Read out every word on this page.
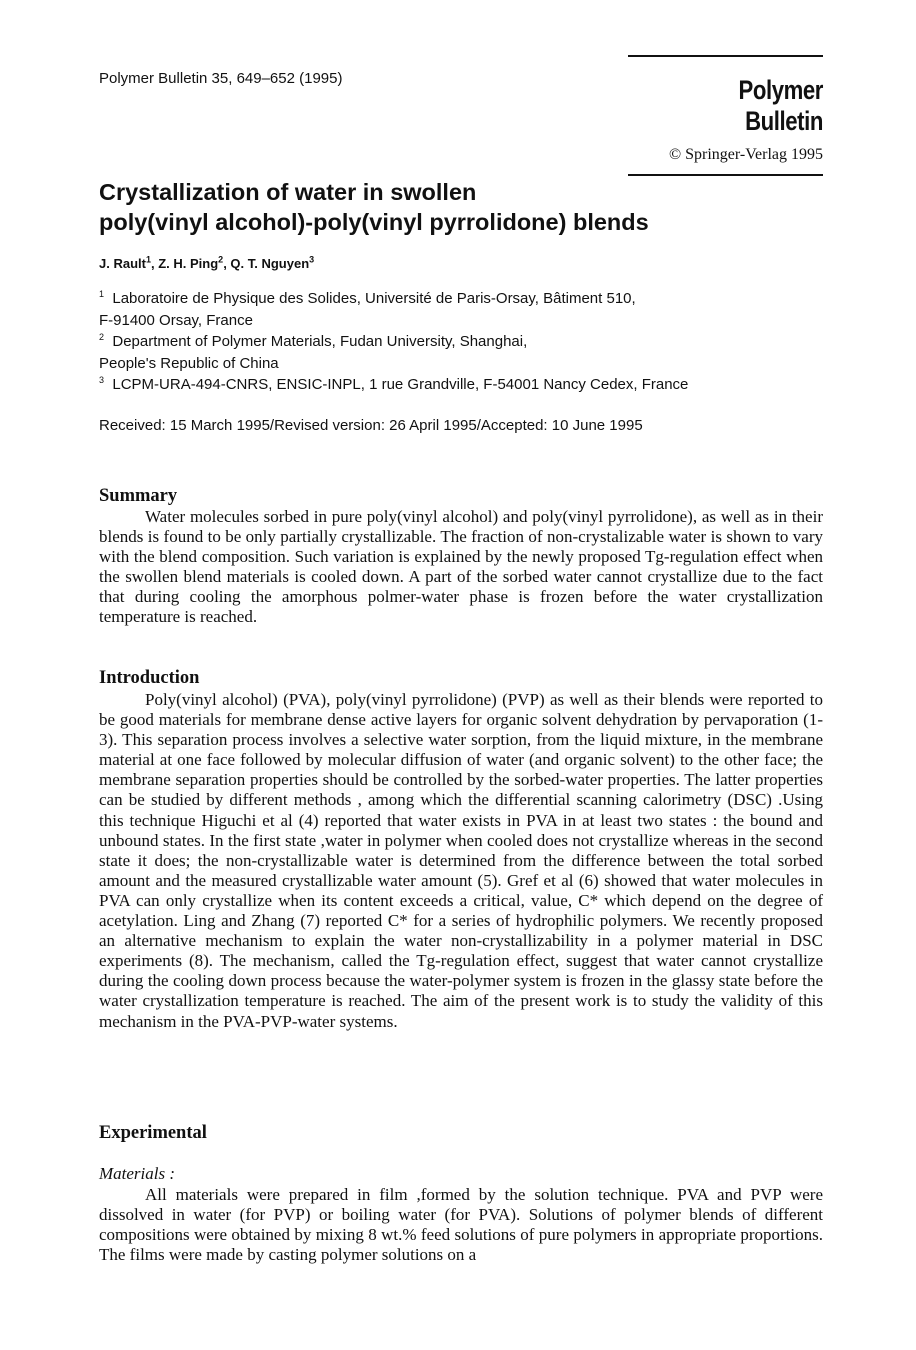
Polymer Bulletin 35, 649–652 (1995)	Polymer Bulletin
© Springer-Verlag 1995
Crystallization of water in swollen
poly(vinyl alcohol)-poly(vinyl pyrrolidone) blends
J. Rault$^1$, Z. H. Ping$^2$, Q. T. Nguyen$^3$
$^1$ Laboratoire de Physique des Solides, Université de Paris-Orsay, Bâtiment 510,
F-91400 Orsay, France
$^2$ Department of Polymer Materials, Fudan University, Shanghai,
People's Republic of China
$^3$ LCPM-URA-494-CNRS, ENSIC-INPL, 1 rue Grandville, F-54001 Nancy Cedex, France
Received: 15 March 1995/Revised version: 26 April 1995/Accepted: 10 June 1995
Summary

Water molecules sorbed in pure poly(vinyl alcohol) and poly(vinyl pyrrolidone), as well as in their blends is found to be only partially crystallizable. The fraction of non-crystalizable water is shown to vary with the blend composition. Such variation is explained by the newly proposed Tg-regulation effect when the swollen blend materials is cooled down. A part of the sorbed water cannot crystallize due to the fact that during cooling the amorphous polmer-water phase is frozen before the water crystallization temperature is reached.

Introduction

Poly(vinyl alcohol) (PVA), poly(vinyl pyrrolidone) (PVP) as well as their blends were reported to be good materials for membrane dense active layers for organic solvent dehydration by pervaporation (1-3). This separation process involves a selective water sorption, from the liquid mixture, in the membrane material at one face followed by molecular diffusion of water (and organic solvent) to the other face; the membrane separation properties should be controlled by the sorbed-water properties. The latter properties can be studied by different methods , among which the differential scanning calorimetry (DSC) .Using this technique Higuchi et al (4) reported that water exists in PVA in at least two states : the bound and unbound states. In the first state ,water in polymer when cooled does not crystallize whereas in the second state it does; the non-crystallizable water is determined from the difference between the total sorbed amount and the measured crystallizable water amount (5). Gref et al (6) showed that water molecules in PVA can only crystallize when its content exceeds a critical, value, C* which depend on the degree of acetylation. Ling and Zhang (7) reported C* for a series of hydrophilic polymers. We recently proposed an alternative mechanism to explain the water non-crystallizability in a polymer material in DSC experiments (8). The mechanism, called the Tg-regulation effect, suggest that water cannot crystallize during the cooling down process because the water-polymer system is frozen in the glassy state before the water crystallization temperature is reached. The aim of the present work is to study the validity of this mechanism in the PVA-PVP-water systems.

Experimental
Materials :

All materials were prepared in film ,formed by the solution technique. PVA and PVP were dissolved in water (for PVP) or boiling water (for PVA). Solutions of polymer blends of different compositions were obtained by mixing 8 wt.% feed solutions of pure polymers in appropriate proportions. The films were made by casting polymer solutions on a
